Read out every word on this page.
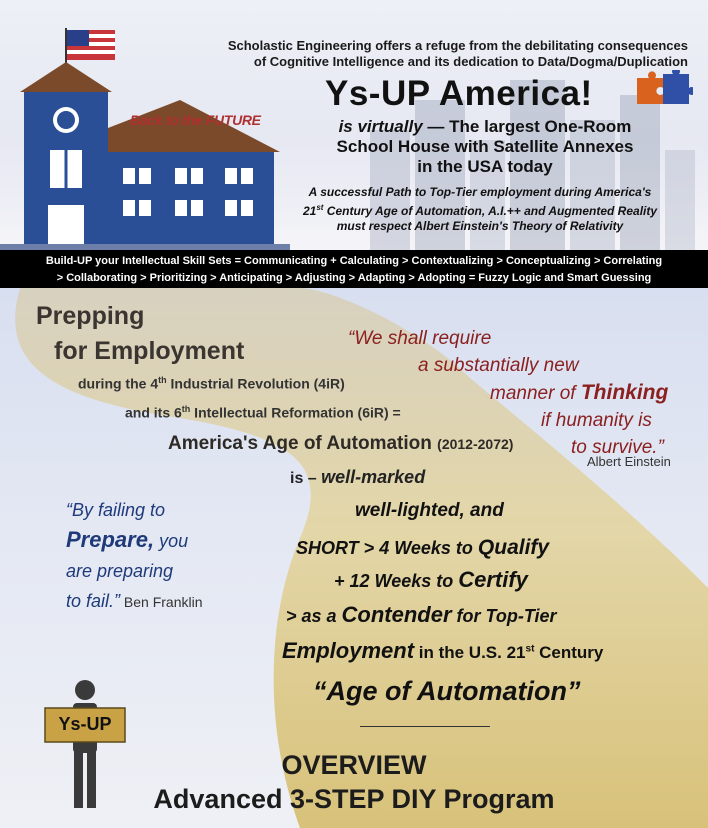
Back to the FUTURE
Scholastic Engineering offers a refuge from the debilitating consequences
of Cognitive Intelligence and its dedication to Data/Dogma/Duplication
Ys-UP America!
is virtually — The largest One-Room
School House with Satellite Annexes
in the USA today
A successful Path to Top-Tier employment during America's
21st Century Age of Automation, A.I.++ and Augmented Reality
must respect Albert Einstein's Theory of Relativity
Build-UP your Intellectual Skill Sets = Communicating + Calculating > Contextualizing > Conceptualizing > Correlating
> Collaborating > Prioritizing > Anticipating > Adjusting > Adapting > Adopting = Fuzzy Logic and Smart Guessing
Prepping
for Employment
during the 4th Industrial Revolution (4iR)
and its 6th Intellectual Reformation (6iR) =
America's Age of Automation (2012-2072)
is – well-marked
well-lighted, and
SHORT > 4 Weeks to Qualify
+ 12 Weeks to Certify
> as a Contender for Top-Tier
Employment in the U.S. 21st Century
“Age of Automation”
OVERVIEW
Advanced 3-STEP DIY Program
“We shall require
a substantially new
manner of Thinking
if humanity is
to survive.”
Albert Einstein
“By failing to
Prepare, you
are preparing
to fail.” Ben Franklin
Ys-UP
